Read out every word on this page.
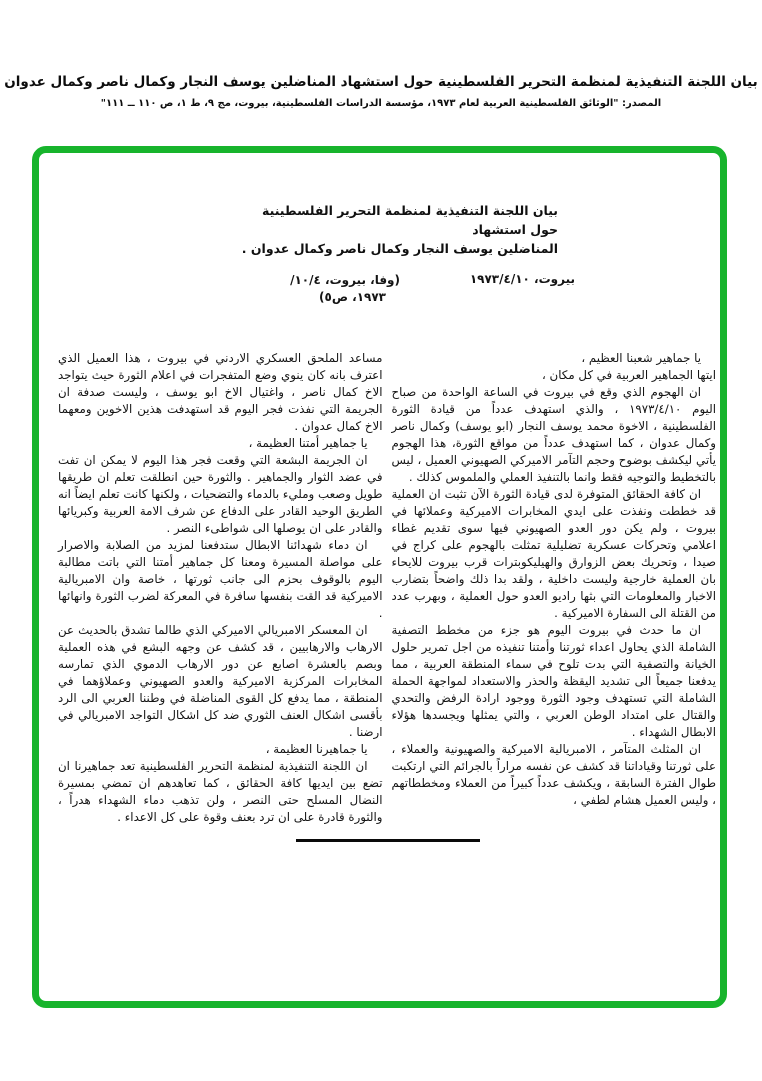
بيان اللجنة التنفيذية لمنظمة التحرير الفلسطينية حول استشهاد المناضلين يوسف النجار وكمال ناصر وكمال عدوان
المصدر: "الوثائق الفلسطينية العربية لعام ١٩٧٣، مؤسسة الدراسات الفلسطينية، بيروت، مج ٩، ط ١، ص ١١٠ ــ ١١١"
بيان اللجنة التنفيذية لمنظمة التحرير الفلسطينية حول استشهاد
المناضلين يوسف النجار وكمال ناصر وكمال عدوان .
بيروت، ١٩٧٣/٤/١٠
(وفا، بيروت، ١٠/٤/
١٩٧٣، ص٥)

يا جماهير شعبنا العظيم ،

ايتها الجماهير العربية في كل مكان ،

ان الهجوم الذي وقع في بيروت في الساعة الواحدة من صباح اليوم ١٩٧٣/٤/١٠ ، والذي استهدف عدداً من قيادة الثورة الفلسطينية ، الاخوة محمد يوسف النجار (ابو يوسف) وكمال ناصر وكمال عدوان ، كما استهدف عدداً من مواقع الثورة، هذا الهجوم يأتي ليكشف بوضوح وحجم التآمر الاميركي الصهيوني العميل ، ليس بالتخطيط والتوجيه فقط وانما بالتنفيذ العملي والملموس كذلك .

ان كافة الحقائق المتوفرة لدى قيادة الثورة الآن تثبت ان العملية قد خططت ونفذت على ايدي المخابرات الاميركية وعملائها في بيروت ، ولم يكن دور العدو الصهيوني فيها سوى تقديم غطاء اعلامي وتحركات عسكرية تضليلية تمثلت بالهجوم على كراج في صيدا ، وتحريك بعض الزوارق والهيليكوبترات قرب بيروت للايحاء بان العملية خارجية وليست داخلية ، ولقد بدا ذلك واضحاً بتضارب الاخبار والمعلومات التي بثها راديو العدو حول العملية ، وبهرب عدد من القتلة الى السفارة الاميركية .

ان ما حدث في بيروت اليوم هو جزء من مخطط التصفية الشاملة الذي يحاول اعداء ثورتنا وأمتنا تنفيذه من اجل تمرير حلول الخيانة والتصفية التي بدت تلوح في سماء المنطقة العربية ، مما يدفعنا جميعاً الى تشديد اليقظة والحذر والاستعداد لمواجهة الحملة الشاملة التي تستهدف وجود الثورة ووجود ارادة الرفض والتحدي والقتال على امتداد الوطن العربي ، والتي يمثلها ويجسدها هؤلاء الابطال الشهداء .

ان المثلث المتآمر ، الامبريالية الاميركية والصهيونية والعملاء ، على ثورتنا وقياداتنا قد كشف عن نفسه مراراً بالجرائم التي ارتكبت طوال الفترة السابقة ، ويكشف عدداً كبيراً من العملاء ومخططاتهم ، وليس العميل هشام لطفي ،

مساعد الملحق العسكري الاردني في بيروت ، هذا العميل الذي اعترف بانه كان ينوي وضع المتفجرات في اعلام الثورة حيث يتواجد الاخ كمال ناصر ، واغتيال الاخ ابو يوسف ، وليست صدفة ان الجريمة التي نفذت فجر اليوم قد استهدفت هذين الاخوين ومعهما الاخ كمال عدوان .

يا جماهير أمتنا العظيمة ،

ان الجريمة البشعة التي وقعت فجر هذا اليوم لا يمكن ان تفت في عضد الثوار والجماهير . والثورة حين انطلقت تعلم ان طريقها طويل وصعب ومليء بالدماء والتضحيات ، ولكنها كانت تعلم ايضاً انه الطريق الوحيد القادر على الدفاع عن شرف الامة العربية وكبريائها والقادر على ان يوصلها الى شواطىء النصر .

ان دماء شهدائنا الابطال ستدفعنا لمزيد من الصلابة والاصرار على مواصلة المسيرة ومعنا كل جماهير أمتنا التي باتت مطالبة اليوم بالوقوف بحزم الى جانب ثورتها ، خاصة وان الامبريالية الاميركية قد القت بنفسها سافرة في المعركة لضرب الثورة وانهائها .

ان المعسكر الامبريالي الاميركي الذي طالما تشدق بالحديث عن الارهاب والارهابيين ، قد كشف عن وجهه البشع في هذه العملية وبصم بالعشرة اصابع عن دور الارهاب الدموي الذي تمارسه المخابرات المركزية الاميركية والعدو الصهيوني وعملاؤهما في المنطقة ، مما يدفع كل القوى المناضلة في وطننا العربي الى الرد بأقسى اشكال العنف الثوري ضد كل اشكال التواجد الامبريالي في ارضنا .

يا جماهيرنا العظيمة ،

ان اللجنة التنفيذية لمنظمة التحرير الفلسطينية تعد جماهيرنا ان تضع بين ايديها كافة الحقائق ، كما تعاهدهم ان تمضي بمسيرة النضال المسلح حتى النصر ، ولن تذهب دماء الشهداء هدراً ، والثورة قادرة على ان ترد بعنف وقوة على كل الاعداء .
